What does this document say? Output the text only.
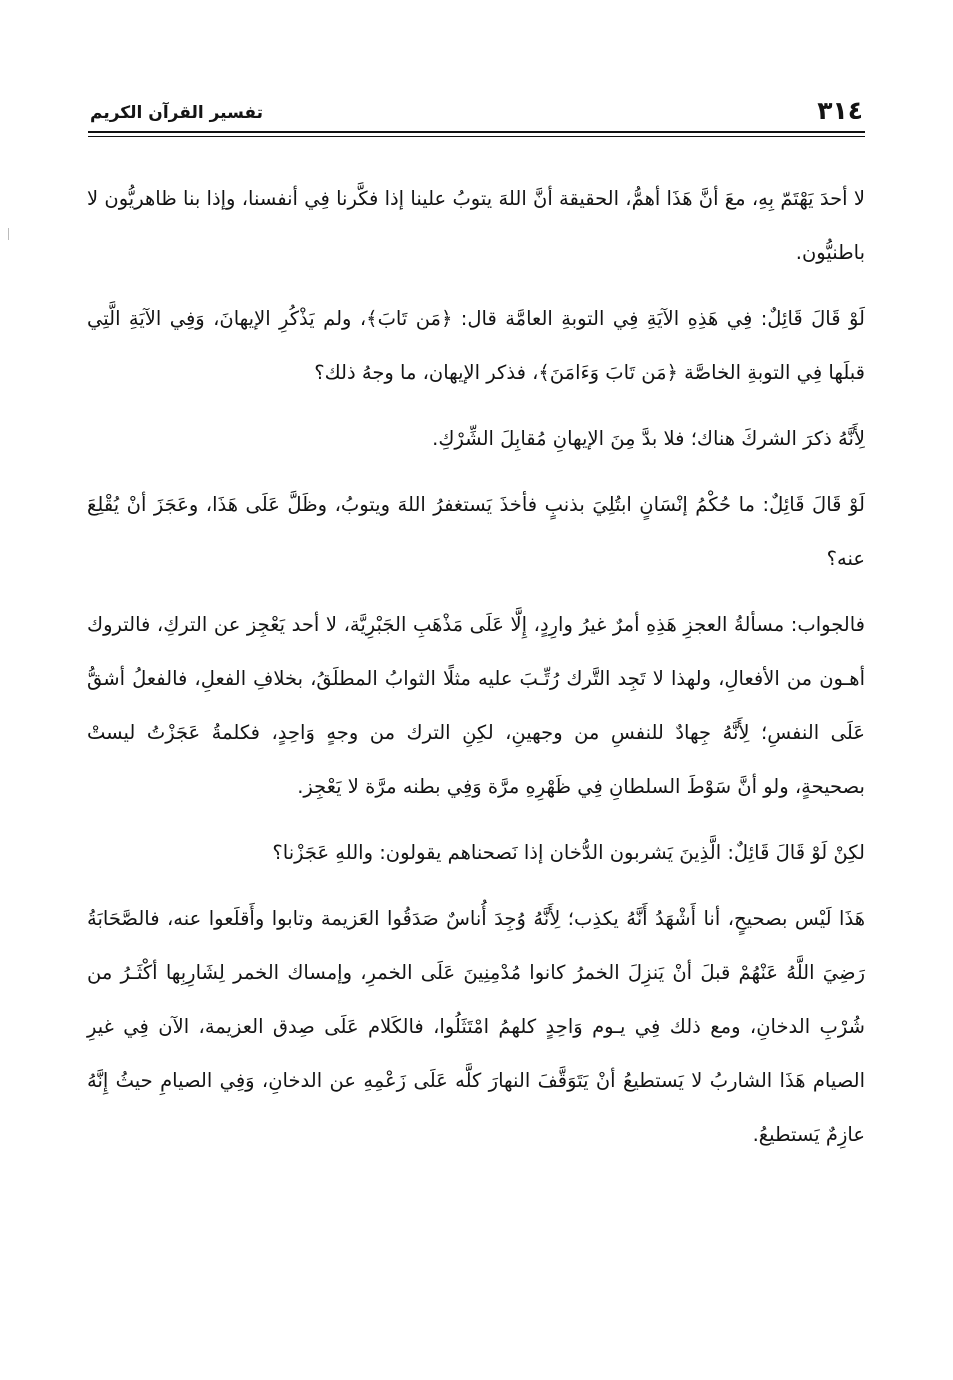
٣١٤
تفسير القرآن الكريم

لا أحدَ يَهْتَمّ بِهِ، معَ أنَّ هَذَا أهمُّ، الحقيقة أنَّ اللهَ يتوبُ علينا إذا فكَّرنا فِي أنفسنا، وإذا بنا ظاهريُّون لا باطنيُّون.

لَوْ قَالَ قَائِلٌ: فِي هَذِهِ الآيَةِ فِي التوبةِ العامَّة قال: ﴿مَن تَابَ﴾، ولم يَذْكُرِ الإيهانَ، وَفِي الآيَةِ الَّتِي قبلَها فِي التوبةِ الخاصَّة ﴿مَن تَابَ وَءَامَنَ﴾، فذكر الإيهان، ما وجهُ ذلك؟

لِأَنَّهُ ذكرَ الشركَ هناك؛ فلا بدَّ مِنَ الإيهانِ مُقابِلَ الشِّرْكِ.

لَوْ قَالَ قَائِلٌ: ما حُكْمُ إنْسَانٍ ابتُلِيَ بذنبٍ فأخذَ يَستغفرُ اللهَ ويتوبُ، وظَلَّ عَلَى هَذَا، وعَجَزَ أنْ يُقْلِعَ عنه؟

فالجواب: مسألةُ العجزِ هَذِهِ أمرٌ غيرُ وارِدٍ، إِلَّا عَلَى مَذْهَبِ الجَبْرِيَّة، لا أحد يَعْجِز عن التركِ، فالتروك أهـون من الأفعالِ، ولهذا لا تَجِد التَّرك رُتِّـبَ عليه مثلًا الثوابُ المطلَقُ، بخلافِ الفعلِ، فالفعلُ أشقُّ عَلَى النفسِ؛ لِأَنَّهُ جِهادٌ للنفسِ من وجهينِ، لكِنِ الترك من وجهٍ وَاحِدٍ، فكلمةُ عَجَزْتُ ليستْ بصحيحةٍ، ولو أنَّ سَوْطَ السلطانِ فِي ظَهْرِهِ مرَّة وَفِي بطنه مرَّة لا يَعْجِز.

لكِنْ لَوْ قَالَ قَائِلٌ: الَّذِينَ يَشربون الدُّخان إذا نَصحناهم يقولون: واللهِ عَجَزْنا؟

هَذَا لَيْس بصحيحٍ، أنا أَشْهَدُ أَنَّهُ يكذِب؛ لِأَنَّهُ وُجِدَ أُناسٌ صَدَقُوا العَزيمة وتابوا وأَقلَعوا عنه، فالصَّحَابَةُ رَضِيَ اللَّهُ عَنْهُمْ قبلَ أنْ يَنزِلَ الخمرُ كانوا مُدْمِنِينَ عَلَى الخمرِ، وإمساك الخمر لِشَارِبِها أكْثَـرُ من شُرْبِ الدخانِ، ومع ذلك فِي يـوم وَاحِدٍ كلهمُ امْتَثَلُوا، فالكَلام عَلَى صِدق العزيمة، الآن فِي غيرِ الصيام هَذَا الشاربُ لا يَستطيعُ أنْ يَتَوَقَّفَ النهارَ كلَّه عَلَى زَعْمِهِ عن الدخانِ، وَفِي الصيامِ حيثُ إِنَّهُ عازِمٌ يَستطيعُ.
